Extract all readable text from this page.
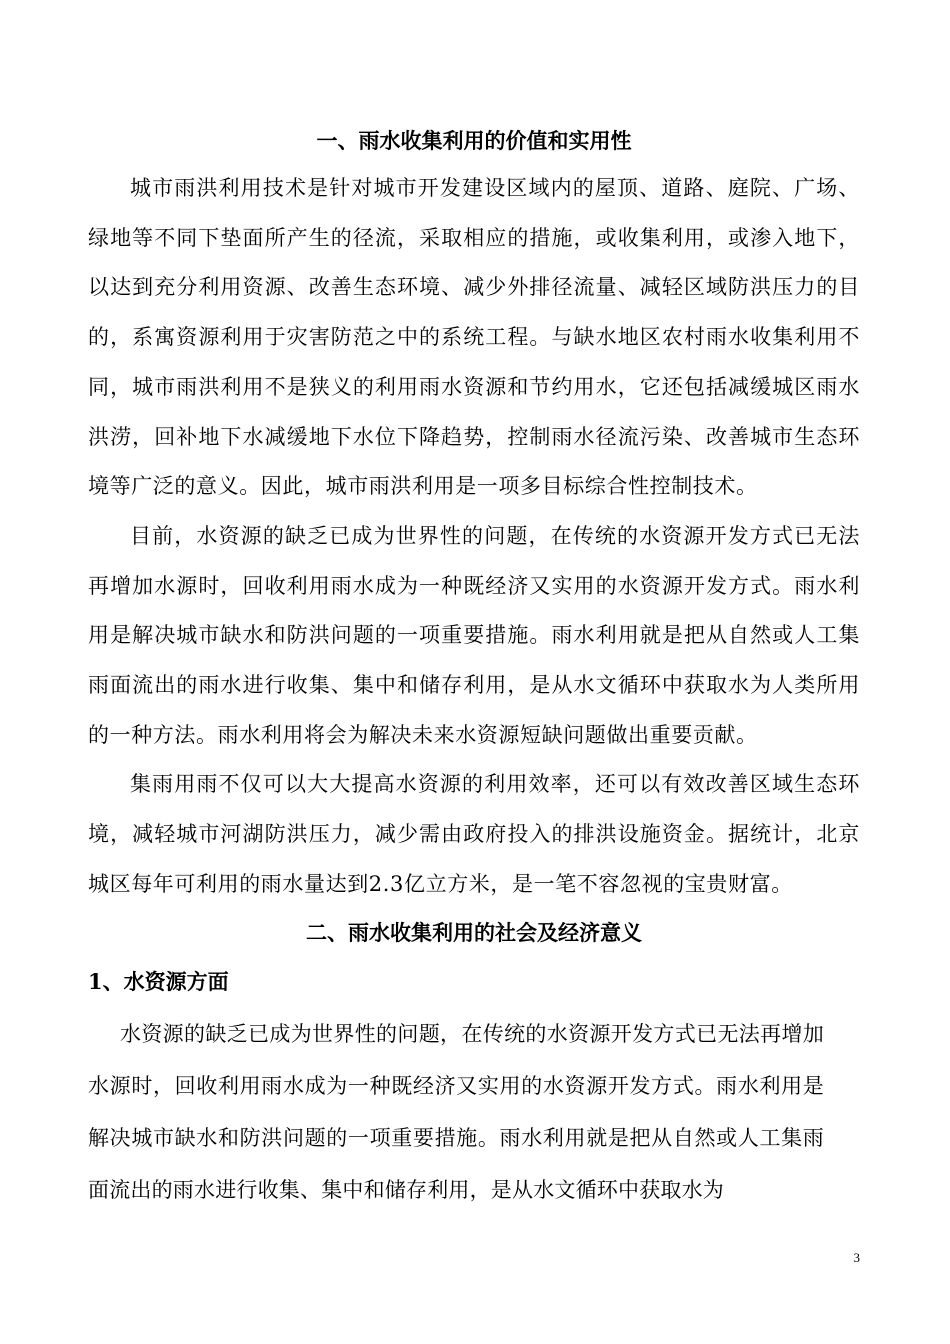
一、雨水收集利用的价值和实用性

城市雨洪利用技术是针对城市开发建设区域内的屋顶、道路、庭院、广场、绿地等不同下垫面所产生的径流，采取相应的措施，或收集利用，或渗入地下，以达到充分利用资源、改善生态环境、减少外排径流量、减轻区域防洪压力的目的，系寓资源利用于灾害防范之中的系统工程。与缺水地区农村雨水收集利用不同，城市雨洪利用不是狭义的利用雨水资源和节约用水，它还包括减缓城区雨水洪涝，回补地下水减缓地下水位下降趋势，控制雨水径流污染、改善城市生态环境等广泛的意义。因此，城市雨洪利用是一项多目标综合性控制技术。

目前，水资源的缺乏已成为世界性的问题，在传统的水资源开发方式已无法再增加水源时，回收利用雨水成为一种既经济又实用的水资源开发方式。雨水利用是解决城市缺水和防洪问题的一项重要措施。雨水利用就是把从自然或人工集雨面流出的雨水进行收集、集中和储存利用，是从水文循环中获取水为人类所用的一种方法。雨水利用将会为解决未来水资源短缺问题做出重要贡献。

集雨用雨不仅可以大大提高水资源的利用效率，还可以有效改善区域生态环境，减轻城市河湖防洪压力，减少需由政府投入的排洪设施资金。据统计，北京城区每年可利用的雨水量达到2.3亿立方米，是一笔不容忽视的宝贵财富。

二、雨水收集利用的社会及经济意义
1、水资源方面

水资源的缺乏已成为世界性的问题，在传统的水资源开发方式已无法再增加水源时，回收利用雨水成为一种既经济又实用的水资源开发方式。雨水利用是解决城市缺水和防洪问题的一项重要措施。雨水利用就是把从自然或人工集雨面流出的雨水进行收集、集中和储存利用，是从水文循环中获取水为

3
